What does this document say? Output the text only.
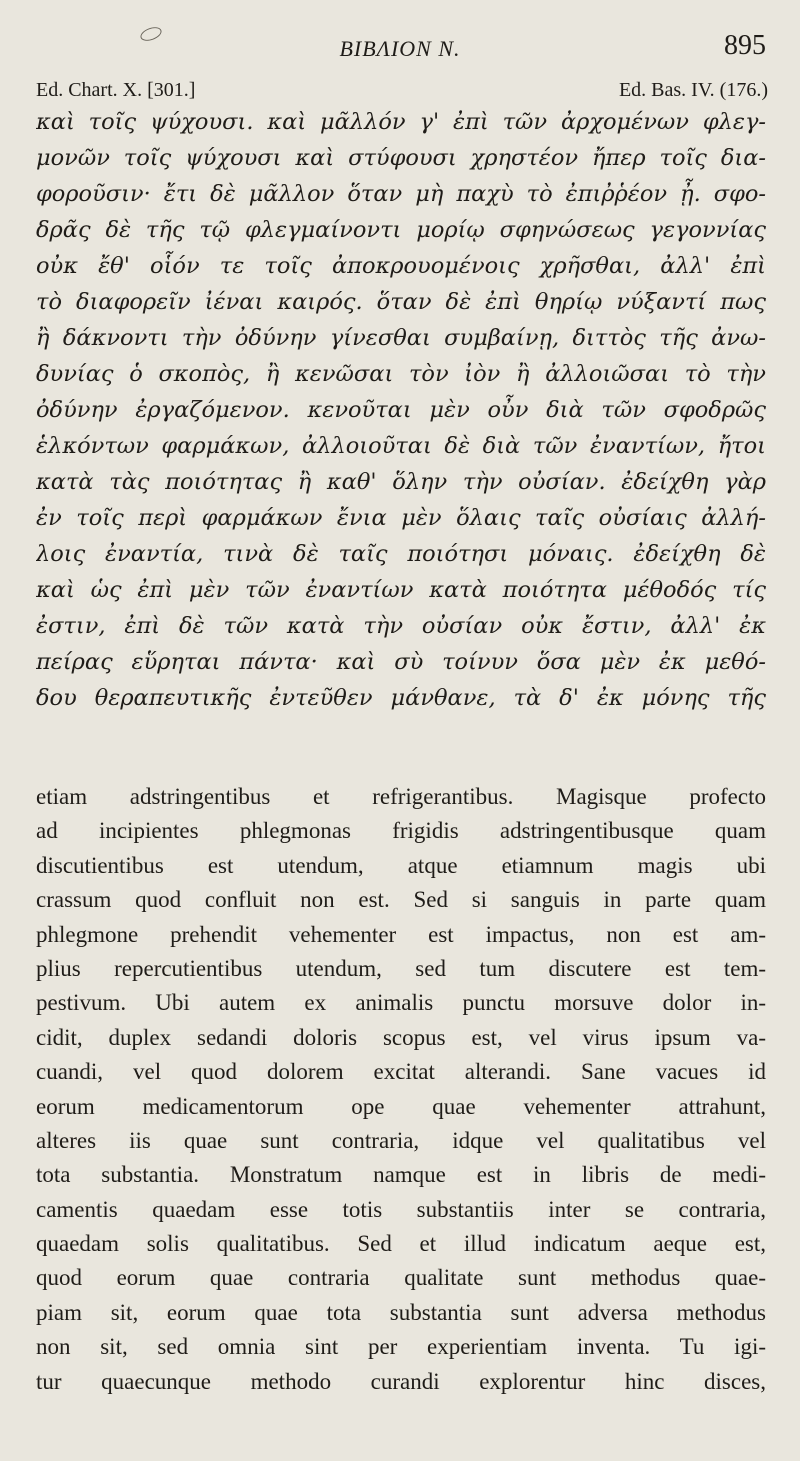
BIBΛΙΟΝ N.	895
Ed. Chart. X. [301.]	Ed. Bas. IV. (176.)
καὶ τοῖς ψύχουσι. καὶ μᾶλλόν γ' ἐπὶ τῶν ἀρχομένων φλεγ-
μονῶν τοῖς ψύχουσι καὶ στύφουσι χρηστέον ἤπερ τοῖς δια-
φοροῦσιν· ἔτι δὲ μᾶλλον ὅταν μὴ παχὺ τὸ ἐπιῤῥέον ᾖ. σφο-
δρᾶς δὲ τῆς τῷ φλεγμαίνοντι μορίῳ σφηνώσεως γεγοννίας
οὐκ ἔθ' οἷόν τε τοῖς ἀποκρουομένοις χρῆσθαι, ἀλλ' ἐπὶ
τὸ διαφορεῖν ἰέναι καιρός. ὅταν δὲ ἐπὶ θηρίῳ νύξαντί πως
ἢ δάκνοντι τὴν ὀδύνην γίνεσθαι συμβαίνῃ, διττὸς τῆς ἀνω-
δυνίας ὁ σκοπὸς, ἢ κενῶσαι τὸν ἰὸν ἢ ἀλλοιῶσαι τὸ τὴν
ὀδύνην ἐργαζόμενον. κενοῦται μὲν οὖν διὰ τῶν σφοδρῶς
ἑλκόντων φαρμάκων, ἀλλοιοῦται δὲ διὰ τῶν ἐναντίων, ἤτοι
κατὰ τὰς ποιότητας ἢ καθ' ὅλην τὴν οὐσίαν. ἐδείχθη γὰρ
ἐν τοῖς περὶ φαρμάκων ἔνια μὲν ὅλαις ταῖς οὐσίαις ἀλλή-
λοις ἐναντία, τινὰ δὲ ταῖς ποιότησι μόναις. ἐδείχθη δὲ
καὶ ὡς ἐπὶ μὲν τῶν ἐναντίων κατὰ ποιότητα μέθοδός τίς
ἐστιν, ἐπὶ δὲ τῶν κατὰ τὴν οὐσίαν οὐκ ἔστιν, ἀλλ' ἐκ
πείρας εὕρηται πάντα· καὶ σὺ τοίνυν ὅσα μὲν ἐκ μεθό-
δου θεραπευτικῆς ἐντεῦθεν μάνθανε, τὰ δ' ἐκ μόνης τῆς
etiam adstringentibus et refrigerantibus. Magisque profecto
ad incipientes phlegmonas frigidis adstringentibusque quam
discutientibus est utendum, atque etiamnum magis ubi
crassum quod confluit non est. Sed si sanguis in parte quam
phlegmone prehendit vehementer est impactus, non est am-
plius repercutientibus utendum, sed tum discutere est tem-
pestivum. Ubi autem ex animalis punctu morsuve dolor in-
cidit, duplex sedandi doloris scopus est, vel virus ipsum va-
cuandi, vel quod dolorem excitat alterandi. Sane vacues id
eorum medicamentorum ope quae vehementer attrahunt,
alteres iis quae sunt contraria, idque vel qualitatibus vel
tota substantia. Monstratum namque est in libris de medi-
camentis quaedam esse totis substantiis inter se contraria,
quaedam solis qualitatibus. Sed et illud indicatum aeque est,
quod eorum quae contraria qualitate sunt methodus quae-
piam sit, eorum quae tota substantia sunt adversa methodus
non sit, sed omnia sint per experientiam inventa. Tu igi-
tur quaecunque methodo curandi explorentur hinc disces,
